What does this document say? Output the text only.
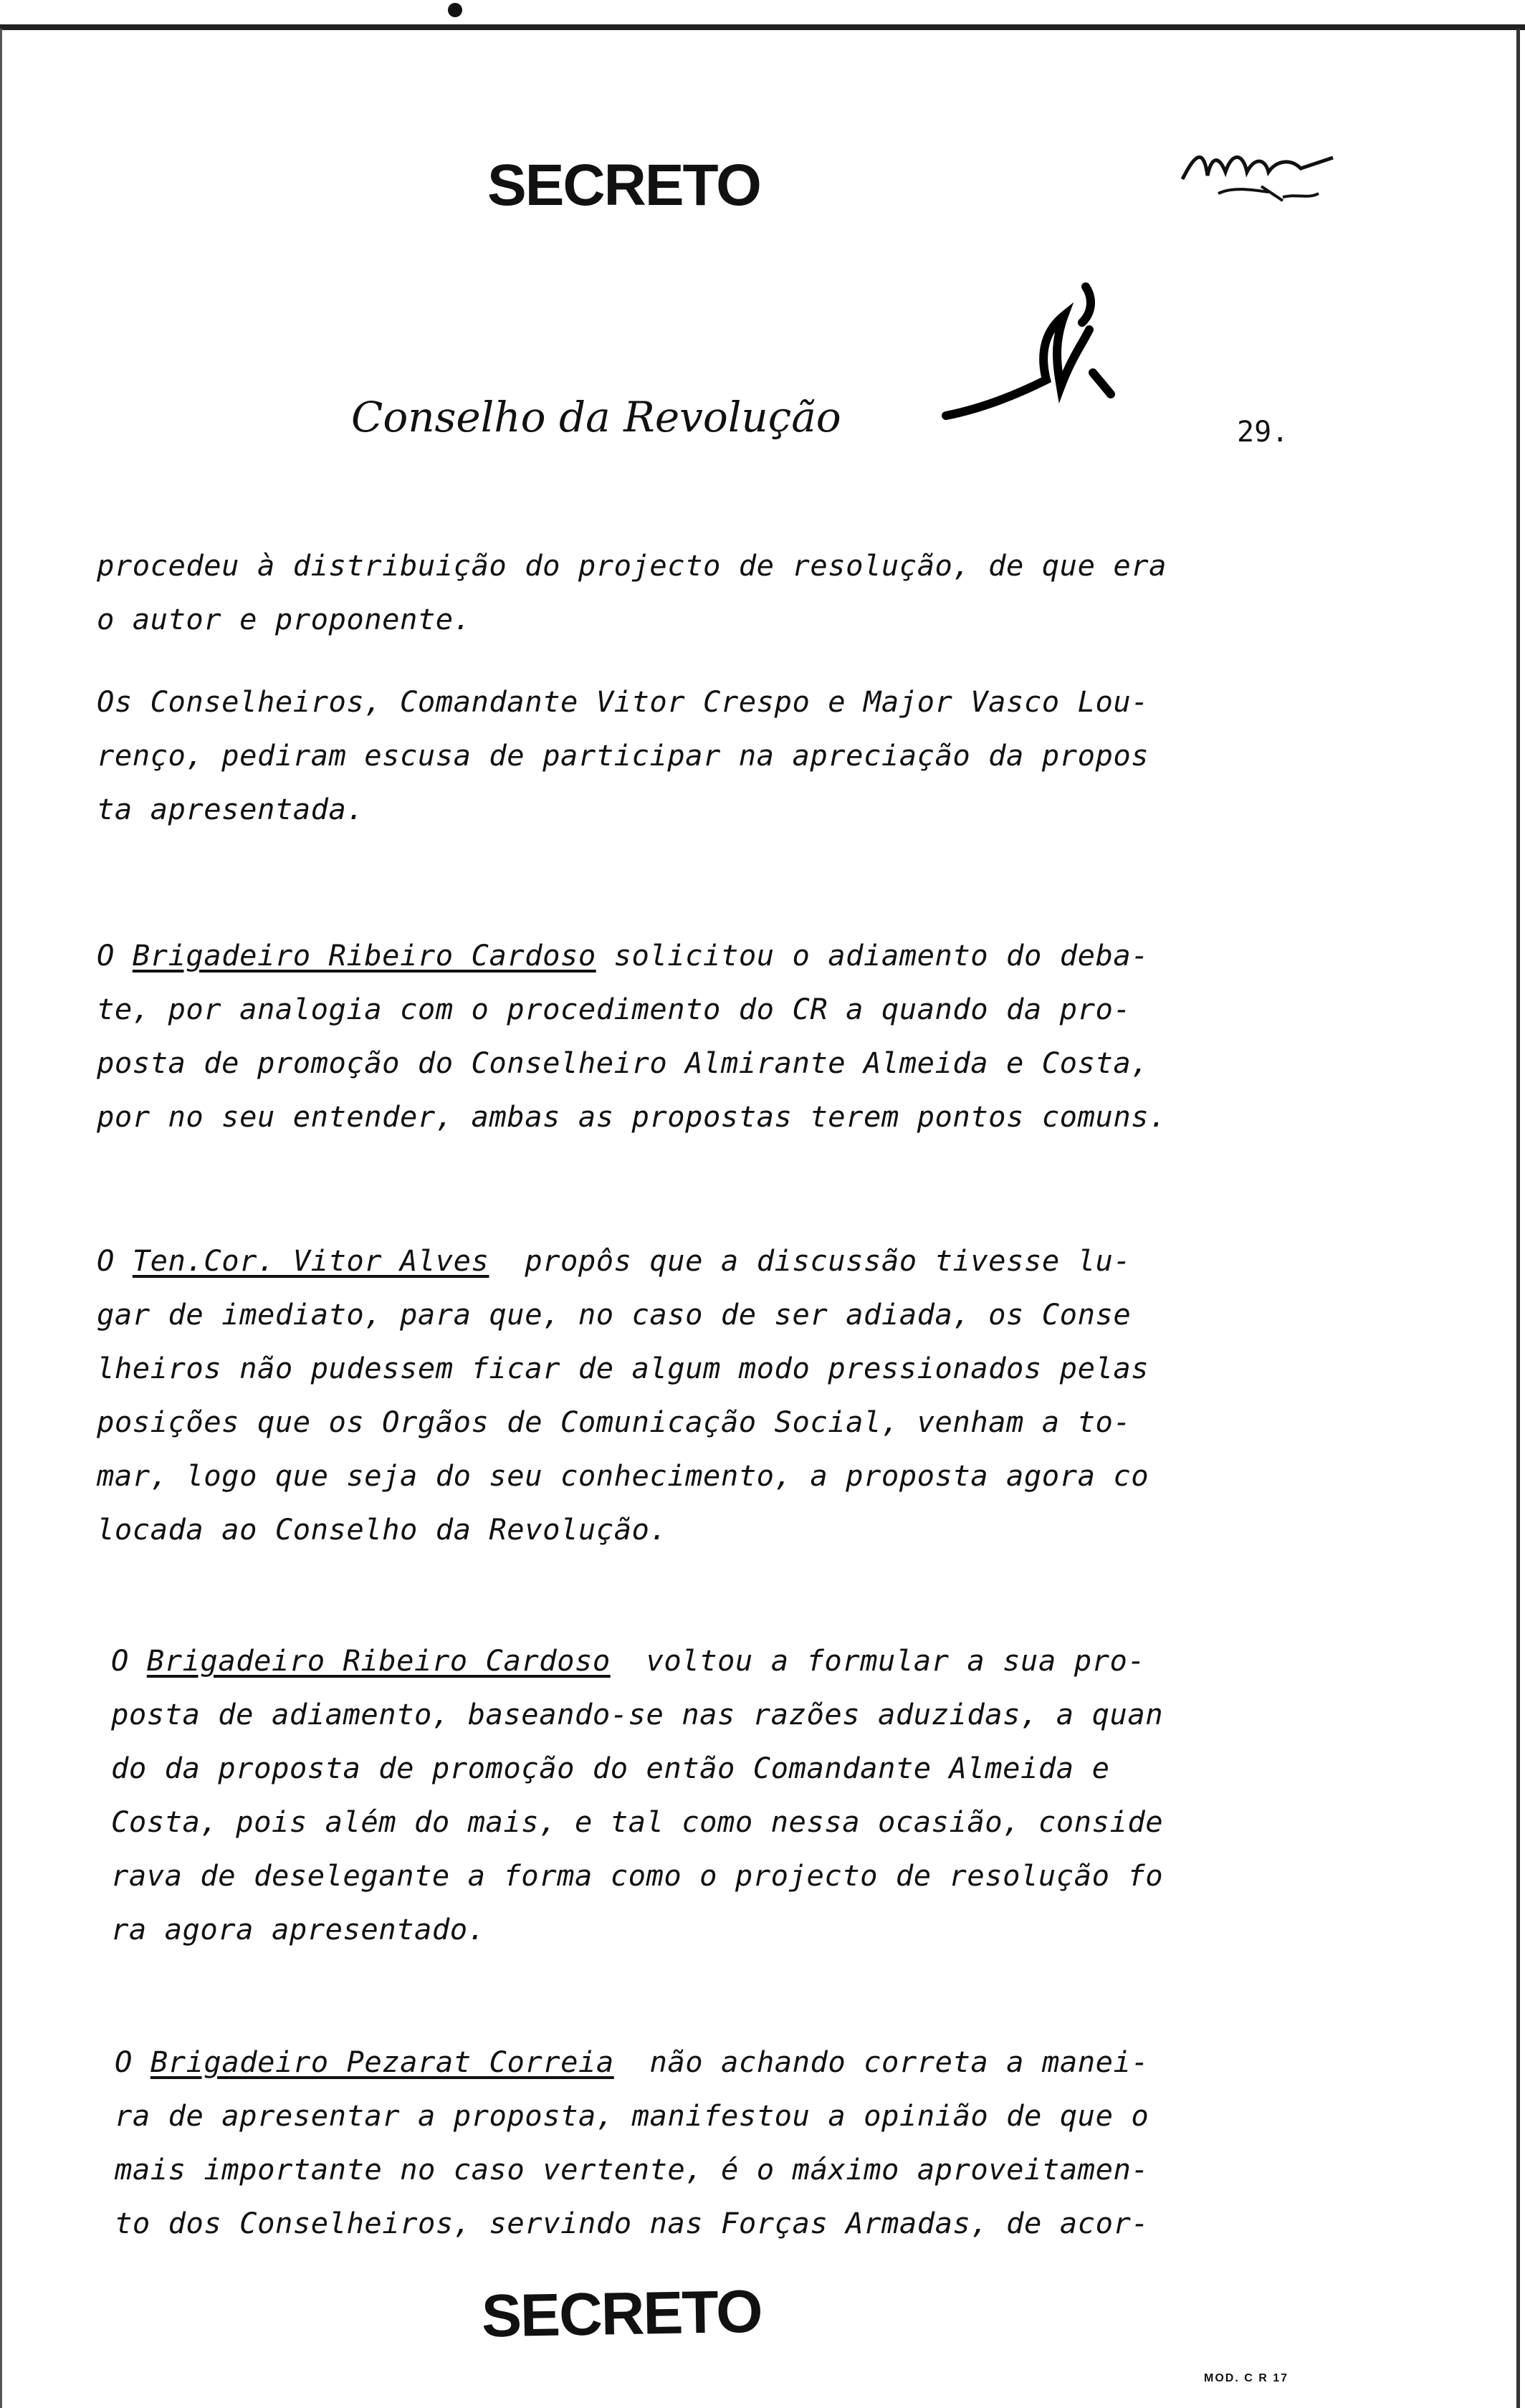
SECRETO
Conselho da Revolução	29.
procedeu à distribuição do projecto de resolução, de que era
o autor e proponente.
Os Conselheiros, Comandante Vitor Crespo e Major Vasco Lou-
renço, pediram escusa de participar na apreciação da propos
ta apresentada.
O Brigadeiro Ribeiro Cardoso solicitou o adiamento do deba-
te, por analogia com o procedimento do CR a quando da pro-
posta de promoção do Conselheiro Almirante Almeida e Costa,
por no seu entender, ambas as propostas terem pontos comuns.
O Ten.Cor. Vitor Alves  propôs que a discussão tivesse lu-
gar de imediato, para que, no caso de ser adiada, os Conse
lheiros não pudessem ficar de algum modo pressionados pelas
posições que os Orgãos de Comunicação Social, venham a to-
mar, logo que seja do seu conhecimento, a proposta agora co
locada ao Conselho da Revolução.
O Brigadeiro Ribeiro Cardoso  voltou a formular a sua pro-
posta de adiamento, baseando-se nas razões aduzidas, a quan
do da proposta de promoção do então Comandante Almeida e
Costa, pois além do mais, e tal como nessa ocasião, conside
rava de deselegante a forma como o projecto de resolução fo
ra agora apresentado.
O Brigadeiro Pezarat Correia  não achando correta a manei-
ra de apresentar a proposta, manifestou a opinião de que o
mais importante no caso vertente, é o máximo aproveitamen-
to dos Conselheiros, servindo nas Forças Armadas, de acor-
SECRETO
MOD. C R 17
